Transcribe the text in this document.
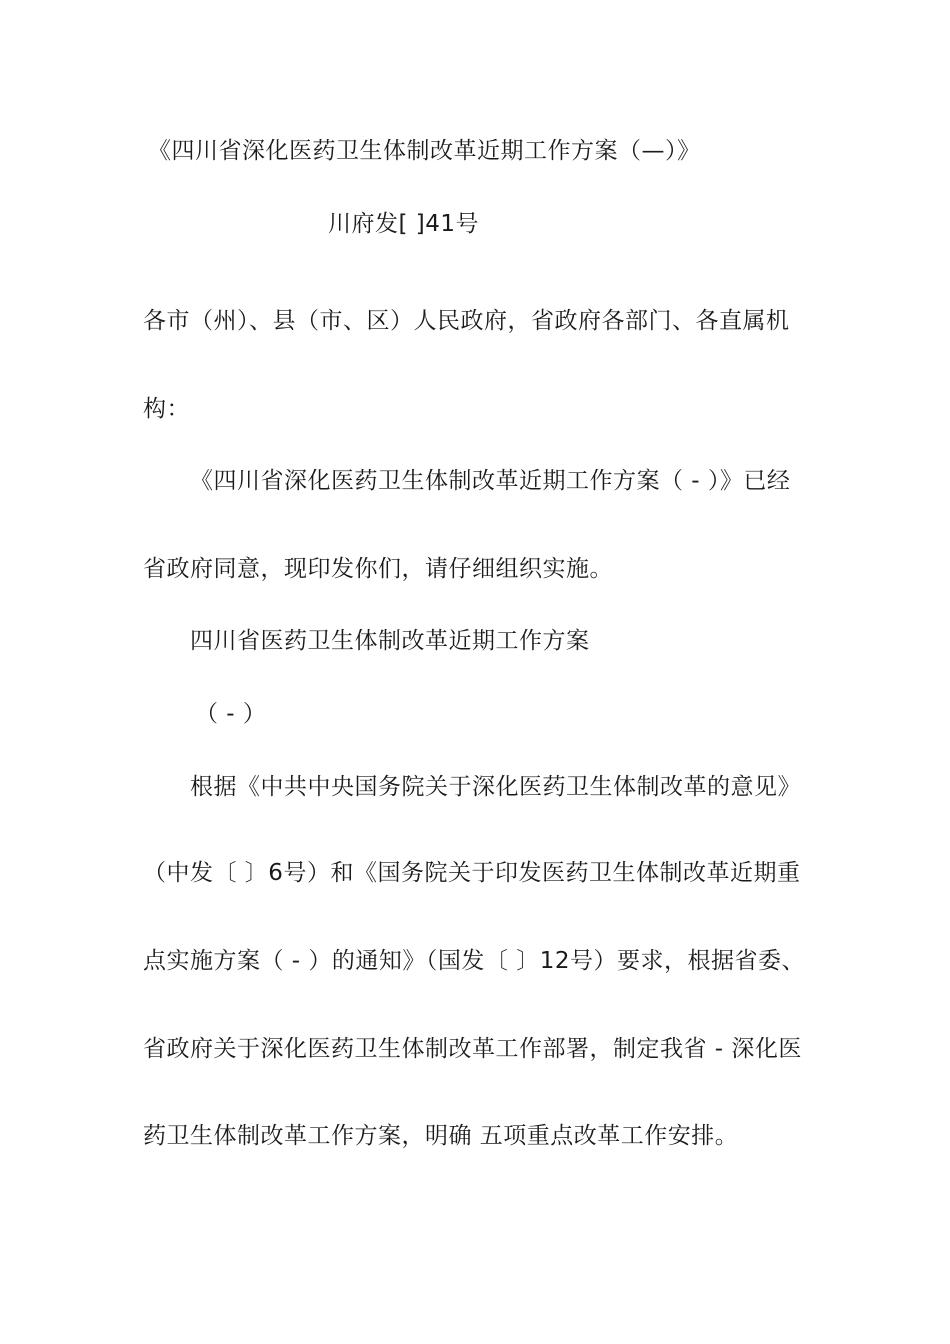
《四川省深化医药卫生体制改革近期工作方案（—）》
川府发[ ]41号
各市（州）、县（市、区）人民政府，省政府各部门、各直属机
构：
《四川省深化医药卫生体制改革近期工作方案（ - ）》已经
省政府同意，现印发你们，请仔细组织实施。
四川省医药卫生体制改革近期工作方案
（ - ）
根据《中共中央国务院关于深化医药卫生体制改革的意见》
（中发〔 〕6号）和《国务院关于印发医药卫生体制改革近期重
点实施方案（ - ）的通知》（国发〔 〕12号）要求，根据省委、
省政府关于深化医药卫生体制改革工作部署，制定我省 - 深化医
药卫生体制改革工作方案，明确 五项重点改革工作安排。
